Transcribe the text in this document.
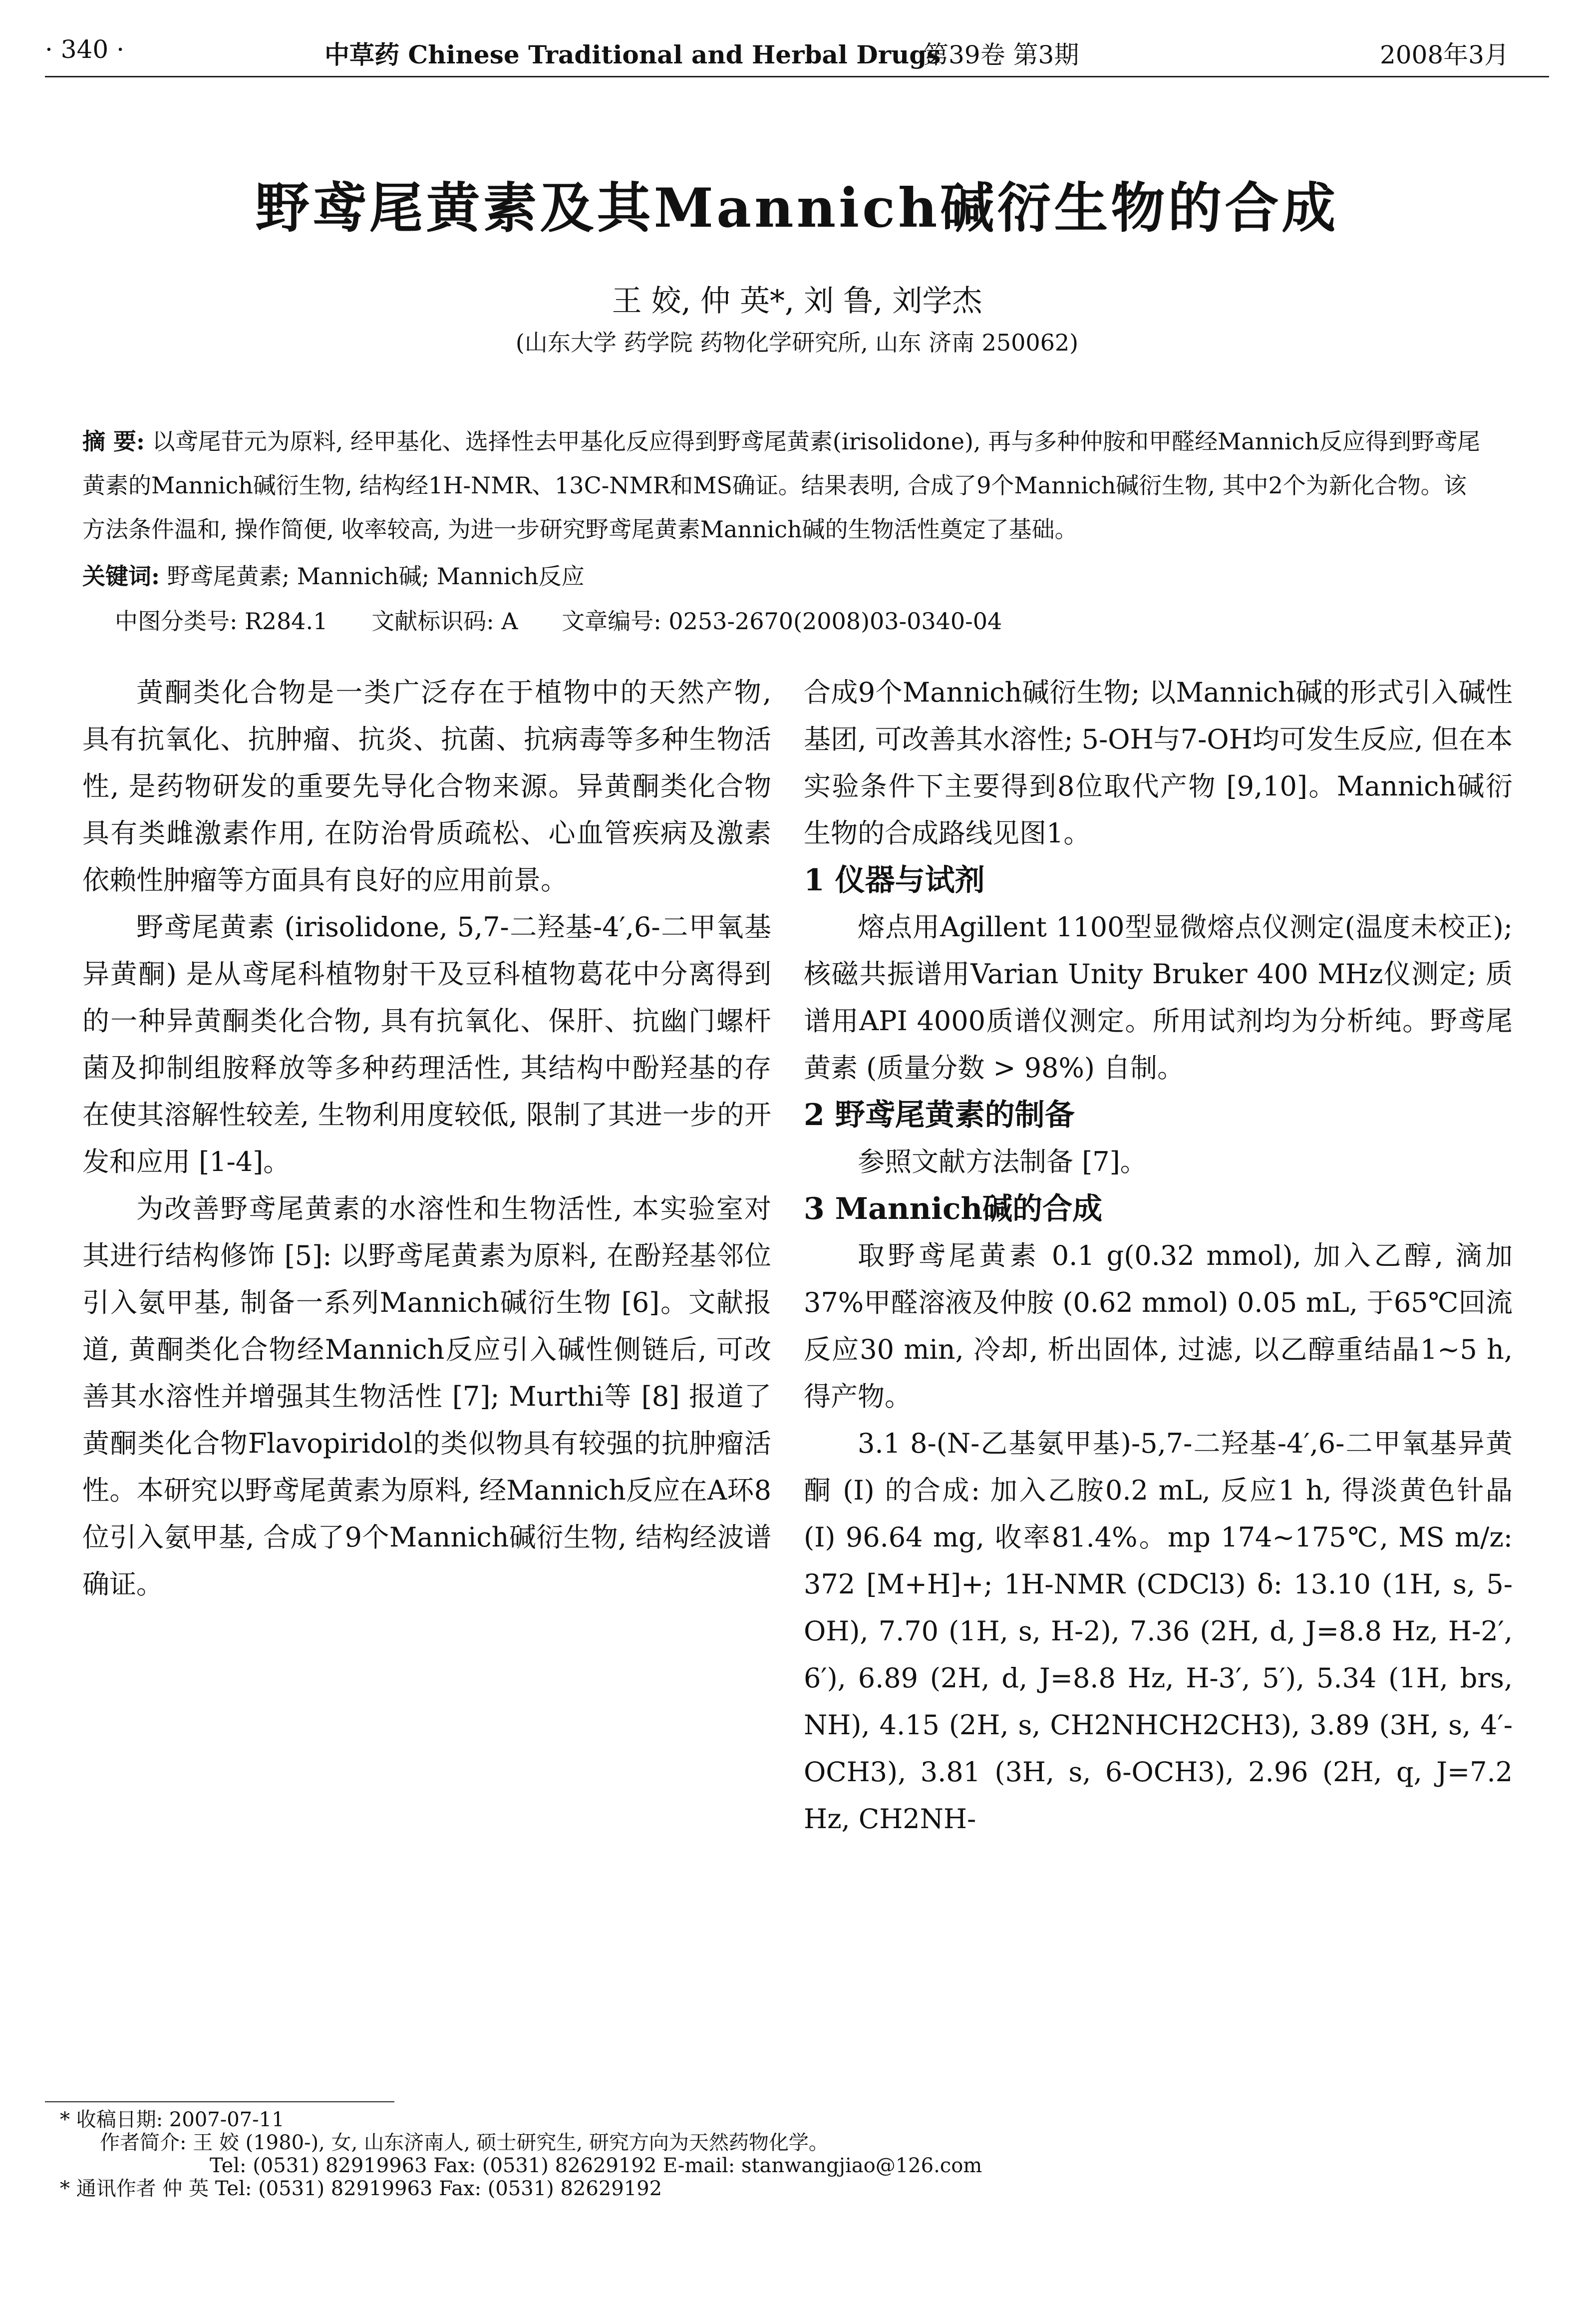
· 340 ·	中草药 Chinese Traditional and Herbal Drugs
第39卷 第3期	2008年3月
野鸢尾黄素及其Mannich碱衍生物的合成
王 姣, 仲 英*, 刘 鲁, 刘学杰
(山东大学 药学院 药物化学研究所, 山东 济南 250062)

摘 要: 以鸢尾苷元为原料, 经甲基化、选择性去甲基化反应得到野鸢尾黄素(irisolidone), 再与多种仲胺和甲醛经Mannich反应得到野鸢尾黄素的Mannich碱衍生物, 结构经1H-NMR、13C-NMR和MS确证。结果表明, 合成了9个Mannich碱衍生物, 其中2个为新化合物。该方法条件温和, 操作简便, 收率较高, 为进一步研究野鸢尾黄素Mannich碱的生物活性奠定了基础。

关键词: 野鸢尾黄素; Mannich碱; Mannich反应
中图分类号: R284.1 文献标识码: A 文章编号: 0253-2670(2008)03-0340-04

黄酮类化合物是一类广泛存在于植物中的天然产物, 具有抗氧化、抗肿瘤、抗炎、抗菌、抗病毒等多种生物活性, 是药物研发的重要先导化合物来源。异黄酮类化合物具有类雌激素作用, 在防治骨质疏松、心血管疾病及激素依赖性肿瘤等方面具有良好的应用前景。

野鸢尾黄素 (irisolidone, 5,7-二羟基-4′,6-二甲氧基异黄酮) 是从鸢尾科植物射干及豆科植物葛花中分离得到的一种异黄酮类化合物, 具有抗氧化、保肝、抗幽门螺杆菌及抑制组胺释放等多种药理活性, 其结构中酚羟基的存在使其溶解性较差, 生物利用度较低, 限制了其进一步的开发和应用 [1-4]。

为改善野鸢尾黄素的水溶性和生物活性, 本实验室对其进行结构修饰 [5]: 以野鸢尾黄素为原料, 在酚羟基邻位引入氨甲基, 制备一系列Mannich碱衍生物 [6]。文献报道, 黄酮类化合物经Mannich反应引入碱性侧链后, 可改善其水溶性并增强其生物活性 [7]; Murthi等 [8] 报道了黄酮类化合物Flavopiridol的类似物具有较强的抗肿瘤活性。本研究以野鸢尾黄素为原料, 经Mannich反应在A环8位引入氨甲基, 合成了9个Mannich碱衍生物, 结构经波谱确证。

合成9个Mannich碱衍生物; 以Mannich碱的形式引入碱性基团, 可改善其水溶性; 5-OH与7-OH均可发生反应, 但在本实验条件下主要得到8位取代产物 [9,10]。Mannich碱衍生物的合成路线见图1。

1 仪器与试剂

熔点用Agillent 1100型显微熔点仪测定(温度未校正); 核磁共振谱用Varian Unity Bruker 400 MHz仪测定; 质谱用API 4000质谱仪测定。所用试剂均为分析纯。野鸢尾黄素 (质量分数 > 98%) 自制。

2 野鸢尾黄素的制备

参照文献方法制备 [7]。

3 Mannich碱的合成

取野鸢尾黄素 0.1 g(0.32 mmol), 加入乙醇, 滴加37%甲醛溶液及仲胺 (0.62 mmol) 0.05 mL, 于65℃回流反应30 min, 冷却, 析出固体, 过滤, 以乙醇重结晶1~5 h, 得产物。

3.1 8-(N-乙基氨甲基)-5,7-二羟基-4′,6-二甲氧基异黄酮 (I) 的合成: 加入乙胺0.2 mL, 反应1 h, 得淡黄色针晶 (I) 96.64 mg, 收率81.4%。mp 174~175℃, MS m/z: 372 [M+H]+; 1H-NMR (CDCl3) δ: 13.10 (1H, s, 5-OH), 7.70 (1H, s, H-2), 7.36 (2H, d, J=8.8 Hz, H-2′, 6′), 6.89 (2H, d, J=8.8 Hz, H-3′, 5′), 5.34 (1H, brs, NH), 4.15 (2H, s, CH2NHCH2CH3), 3.89 (3H, s, 4′-OCH3), 3.81 (3H, s, 6-OCH3), 2.96 (2H, q, J=7.2 Hz, CH2NH-

* 收稿日期: 2007-07-11
作者简介: 王 姣 (1980-), 女, 山东济南人, 硕士研究生, 研究方向为天然药物化学。
Tel: (0531) 82919963 Fax: (0531) 82629192 E-mail: stanwangjiao@126.com
* 通讯作者 仲 英 Tel: (0531) 82919963 Fax: (0531) 82629192
